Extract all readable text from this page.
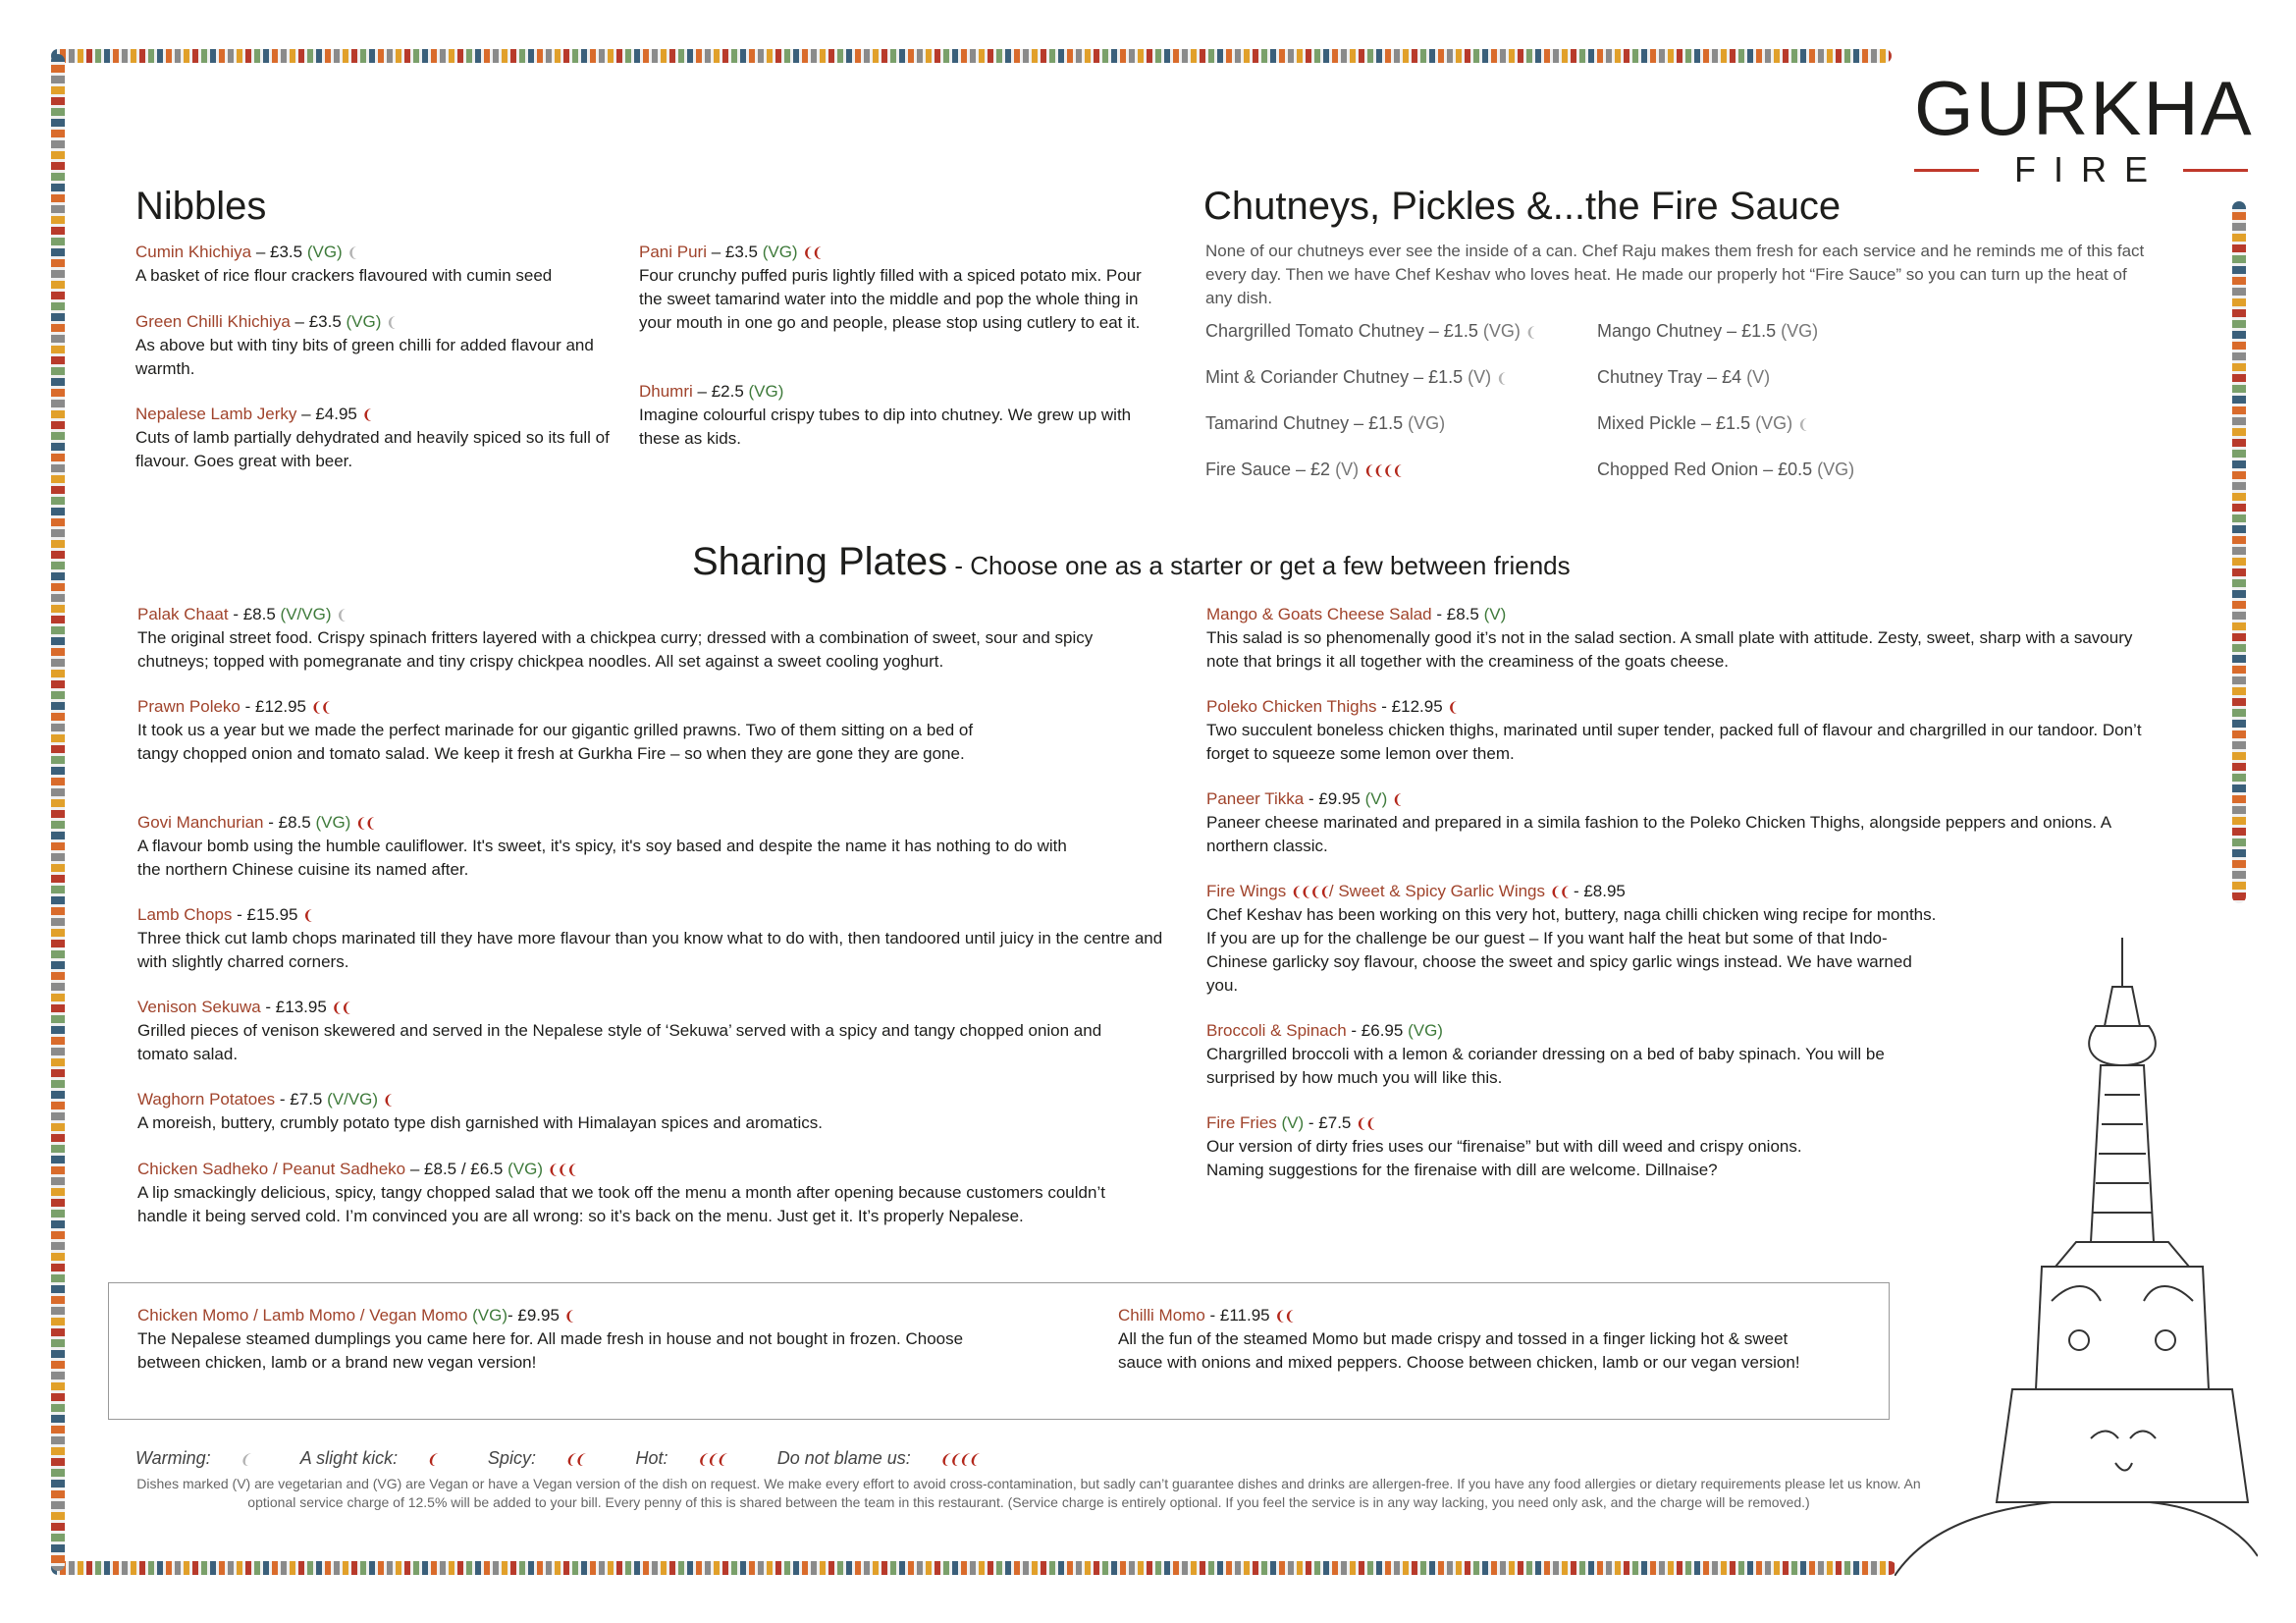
GURKHA
FIRE
Nibbles
Cumin Khichiya – £3.5 (VG) ❨
A basket of rice flour crackers flavoured with cumin seed
Green Chilli Khichiya – £3.5 (VG) ❨
As above but with tiny bits of green chilli for added flavour and warmth.
Nepalese Lamb Jerky – £4.95 ❨
Cuts of lamb partially dehydrated and heavily spiced so its full of flavour. Goes great with beer.
Pani Puri – £3.5 (VG) ❨❨
Four crunchy puffed puris lightly filled with a spiced potato mix. Pour the sweet tamarind water into the middle and pop the whole thing in your mouth in one go and people, please stop using cutlery to eat it.
Dhumri – £2.5 (VG)
Imagine colourful crispy tubes to dip into chutney. We grew up with these as kids.
Chutneys, Pickles &...the Fire Sauce
None of our chutneys ever see the inside of a can. Chef Raju makes them fresh for each service and he reminds me of this fact every day. Then we have Chef Keshav who loves heat. He made our properly hot “Fire Sauce” so you can turn up the heat of any dish.
Chargrilled Tomato Chutney – £1.5 (VG) ❨
Mint & Coriander Chutney – £1.5 (V) ❨
Tamarind Chutney – £1.5 (VG)
Fire Sauce – £2 (V) ❨❨❨❨
Mango Chutney – £1.5 (VG)
Chutney Tray – £4 (V)
Mixed Pickle – £1.5 (VG) ❨
Chopped Red Onion – £0.5 (VG)
Sharing Plates - Choose one as a starter or get a few between friends
Palak Chaat - £8.5 (V/VG) ❨
The original street food. Crispy spinach fritters layered with a chickpea curry; dressed with a combination of sweet, sour and spicy chutneys; topped with pomegranate and tiny crispy chickpea noodles. All set against a sweet cooling yoghurt.
Prawn Poleko - £12.95 ❨❨
It took us a year but we made the perfect marinade for our gigantic grilled prawns. Two of them sitting on a bed of tangy chopped onion and tomato salad. We keep it fresh at Gurkha Fire – so when they are gone they are gone.
Govi Manchurian - £8.5 (VG) ❨❨
A flavour bomb using the humble cauliflower. It's sweet, it's spicy, it's soy based and despite the name it has nothing to do with the northern Chinese cuisine its named after.
Lamb Chops - £15.95 ❨
Three thick cut lamb chops marinated till they have more flavour than you know what to do with, then tandoored until juicy in the centre and with slightly charred corners.
Venison Sekuwa - £13.95 ❨❨
Grilled pieces of venison skewered and served in the Nepalese style of ‘Sekuwa’ served with a spicy and tangy chopped onion and tomato salad.
Waghorn Potatoes - £7.5 (V/VG) ❨
A moreish, buttery, crumbly potato type dish garnished with Himalayan spices and aromatics.
Chicken Sadheko / Peanut Sadheko – £8.5 / £6.5 (VG) ❨❨❨
A lip smackingly delicious, spicy, tangy chopped salad that we took off the menu a month after opening because customers couldn’t handle it being served cold. I’m convinced you are all wrong: so it’s back on the menu. Just get it. It’s properly Nepalese.
Mango & Goats Cheese Salad - £8.5 (V)
This salad is so phenomenally good it’s not in the salad section. A small plate with attitude. Zesty, sweet, sharp with a savoury note that brings it all together with the creaminess of the goats cheese.
Poleko Chicken Thighs - £12.95 ❨
Two succulent boneless chicken thighs, marinated until super tender, packed full of flavour and chargrilled in our tandoor. Don’t forget to squeeze some lemon over them.
Paneer Tikka - £9.95 (V) ❨
Paneer cheese marinated and prepared in a simila fashion to the Poleko Chicken Thighs, alongside peppers and onions. A northern classic.
Fire Wings ❨❨❨❨/ Sweet & Spicy Garlic Wings ❨❨ - £8.95
Chef Keshav has been working on this very hot, buttery, naga chilli chicken wing recipe for months. If you are up for the challenge be our guest – If you want half the heat but some of that Indo-Chinese garlicky soy flavour, choose the sweet and spicy garlic wings instead. We have warned you.
Broccoli & Spinach - £6.95 (VG)
Chargrilled broccoli with a lemon & coriander dressing on a bed of baby spinach. You will be surprised by how much you will like this.
Fire Fries (V) - £7.5 ❨❨
Our version of dirty fries uses our “firenaise” but with dill weed and crispy onions. Naming suggestions for the firenaise with dill are welcome. Dillnaise?
Chicken Momo / Lamb Momo / Vegan Momo (VG)- £9.95 ❨
The Nepalese steamed dumplings you came here for. All made fresh in house and not bought in frozen. Choose between chicken, lamb or a brand new vegan version!
Chilli Momo - £11.95 ❨❨
All the fun of the steamed Momo but made crispy and tossed in a finger licking hot & sweet sauce with onions and mixed peppers. Choose between chicken, lamb or our vegan version!
Warming: ❨	A slight kick: ❨	Spicy: ❨❨	Hot: ❨❨❨	Do not blame us: ❨❨❨❨
Dishes marked (V) are vegetarian and (VG) are Vegan or have a Vegan version of the dish on request. We make every effort to avoid cross-contamination, but sadly can’t guarantee dishes and drinks are allergen-free. If you have any food allergies or dietary requirements please let us know. An optional service charge of 12.5% will be added to your bill. Every penny of this is shared between the team in this restaurant. (Service charge is entirely optional. If you feel the service is in any way lacking, you need only ask, and the charge will be removed.)
